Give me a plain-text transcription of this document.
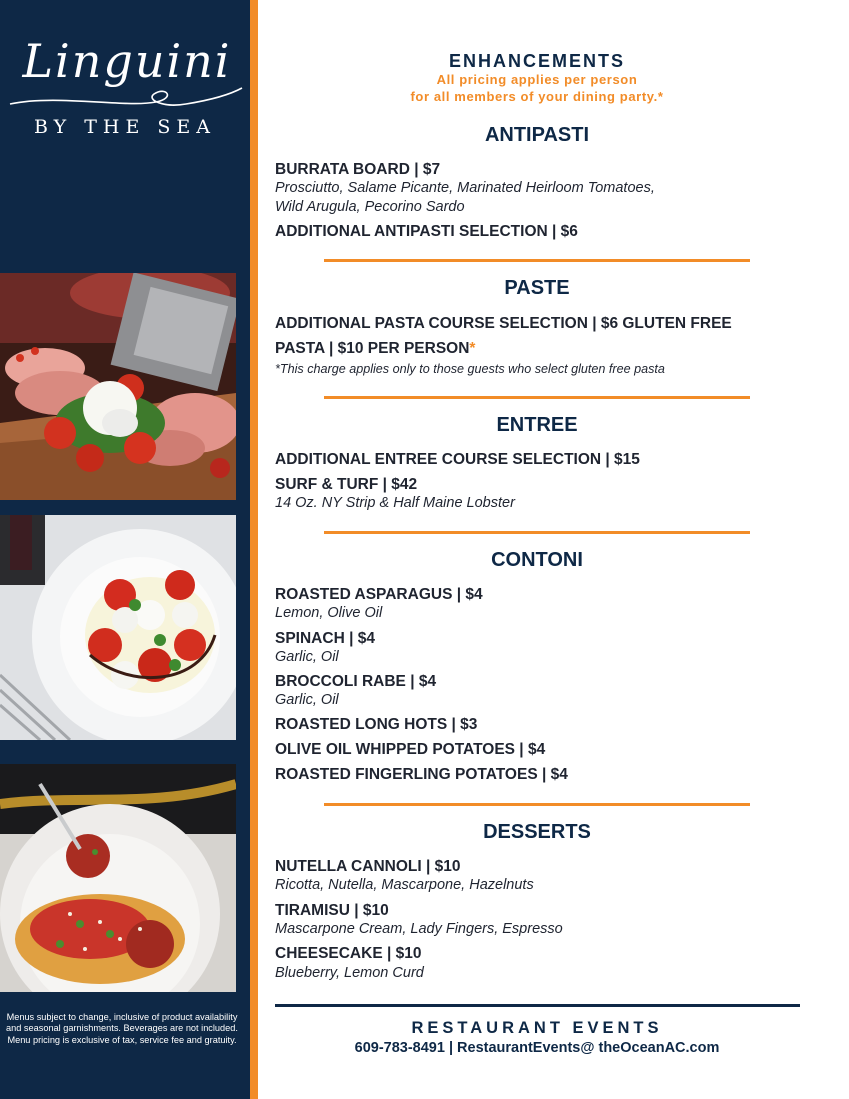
Linguini
BY THE SEA
Menus subject to change, inclusive of product availability and seasonal garnishments. Beverages are not included. Menu pricing is exclusive of tax, service fee and gratuity.
ENHANCEMENTS
All pricing applies per person
for all members of your dining party.*
ANTIPASTI
BURRATA BOARD | $7
Prosciutto, Salame Picante, Marinated Heirloom Tomatoes,
Wild Arugula, Pecorino Sardo
ADDITIONAL ANTIPASTI SELECTION | $6
PASTE
ADDITIONAL PASTA COURSE SELECTION | $6 GLUTEN FREE
PASTA | $10 PER PERSON*
*This charge applies only to those guests who select gluten free pasta
ENTREE
ADDITIONAL ENTREE COURSE SELECTION | $15
SURF & TURF | $42
14 Oz. NY Strip & Half Maine Lobster
CONTONI
ROASTED ASPARAGUS | $4
Lemon, Olive Oil
SPINACH | $4
Garlic, Oil
BROCCOLI RABE | $4
Garlic, Oil
ROASTED LONG HOTS | $3
OLIVE OIL WHIPPED POTATOES | $4
ROASTED FINGERLING POTATOES | $4
DESSERTS
NUTELLA CANNOLI | $10
Ricotta, Nutella, Mascarpone, Hazelnuts
TIRAMISU | $10
Mascarpone Cream, Lady Fingers, Espresso
CHEESECAKE | $10
Blueberry, Lemon Curd
RESTAURANT EVENTS
609-783-8491 | RestaurantEvents@ theOceanAC.com
